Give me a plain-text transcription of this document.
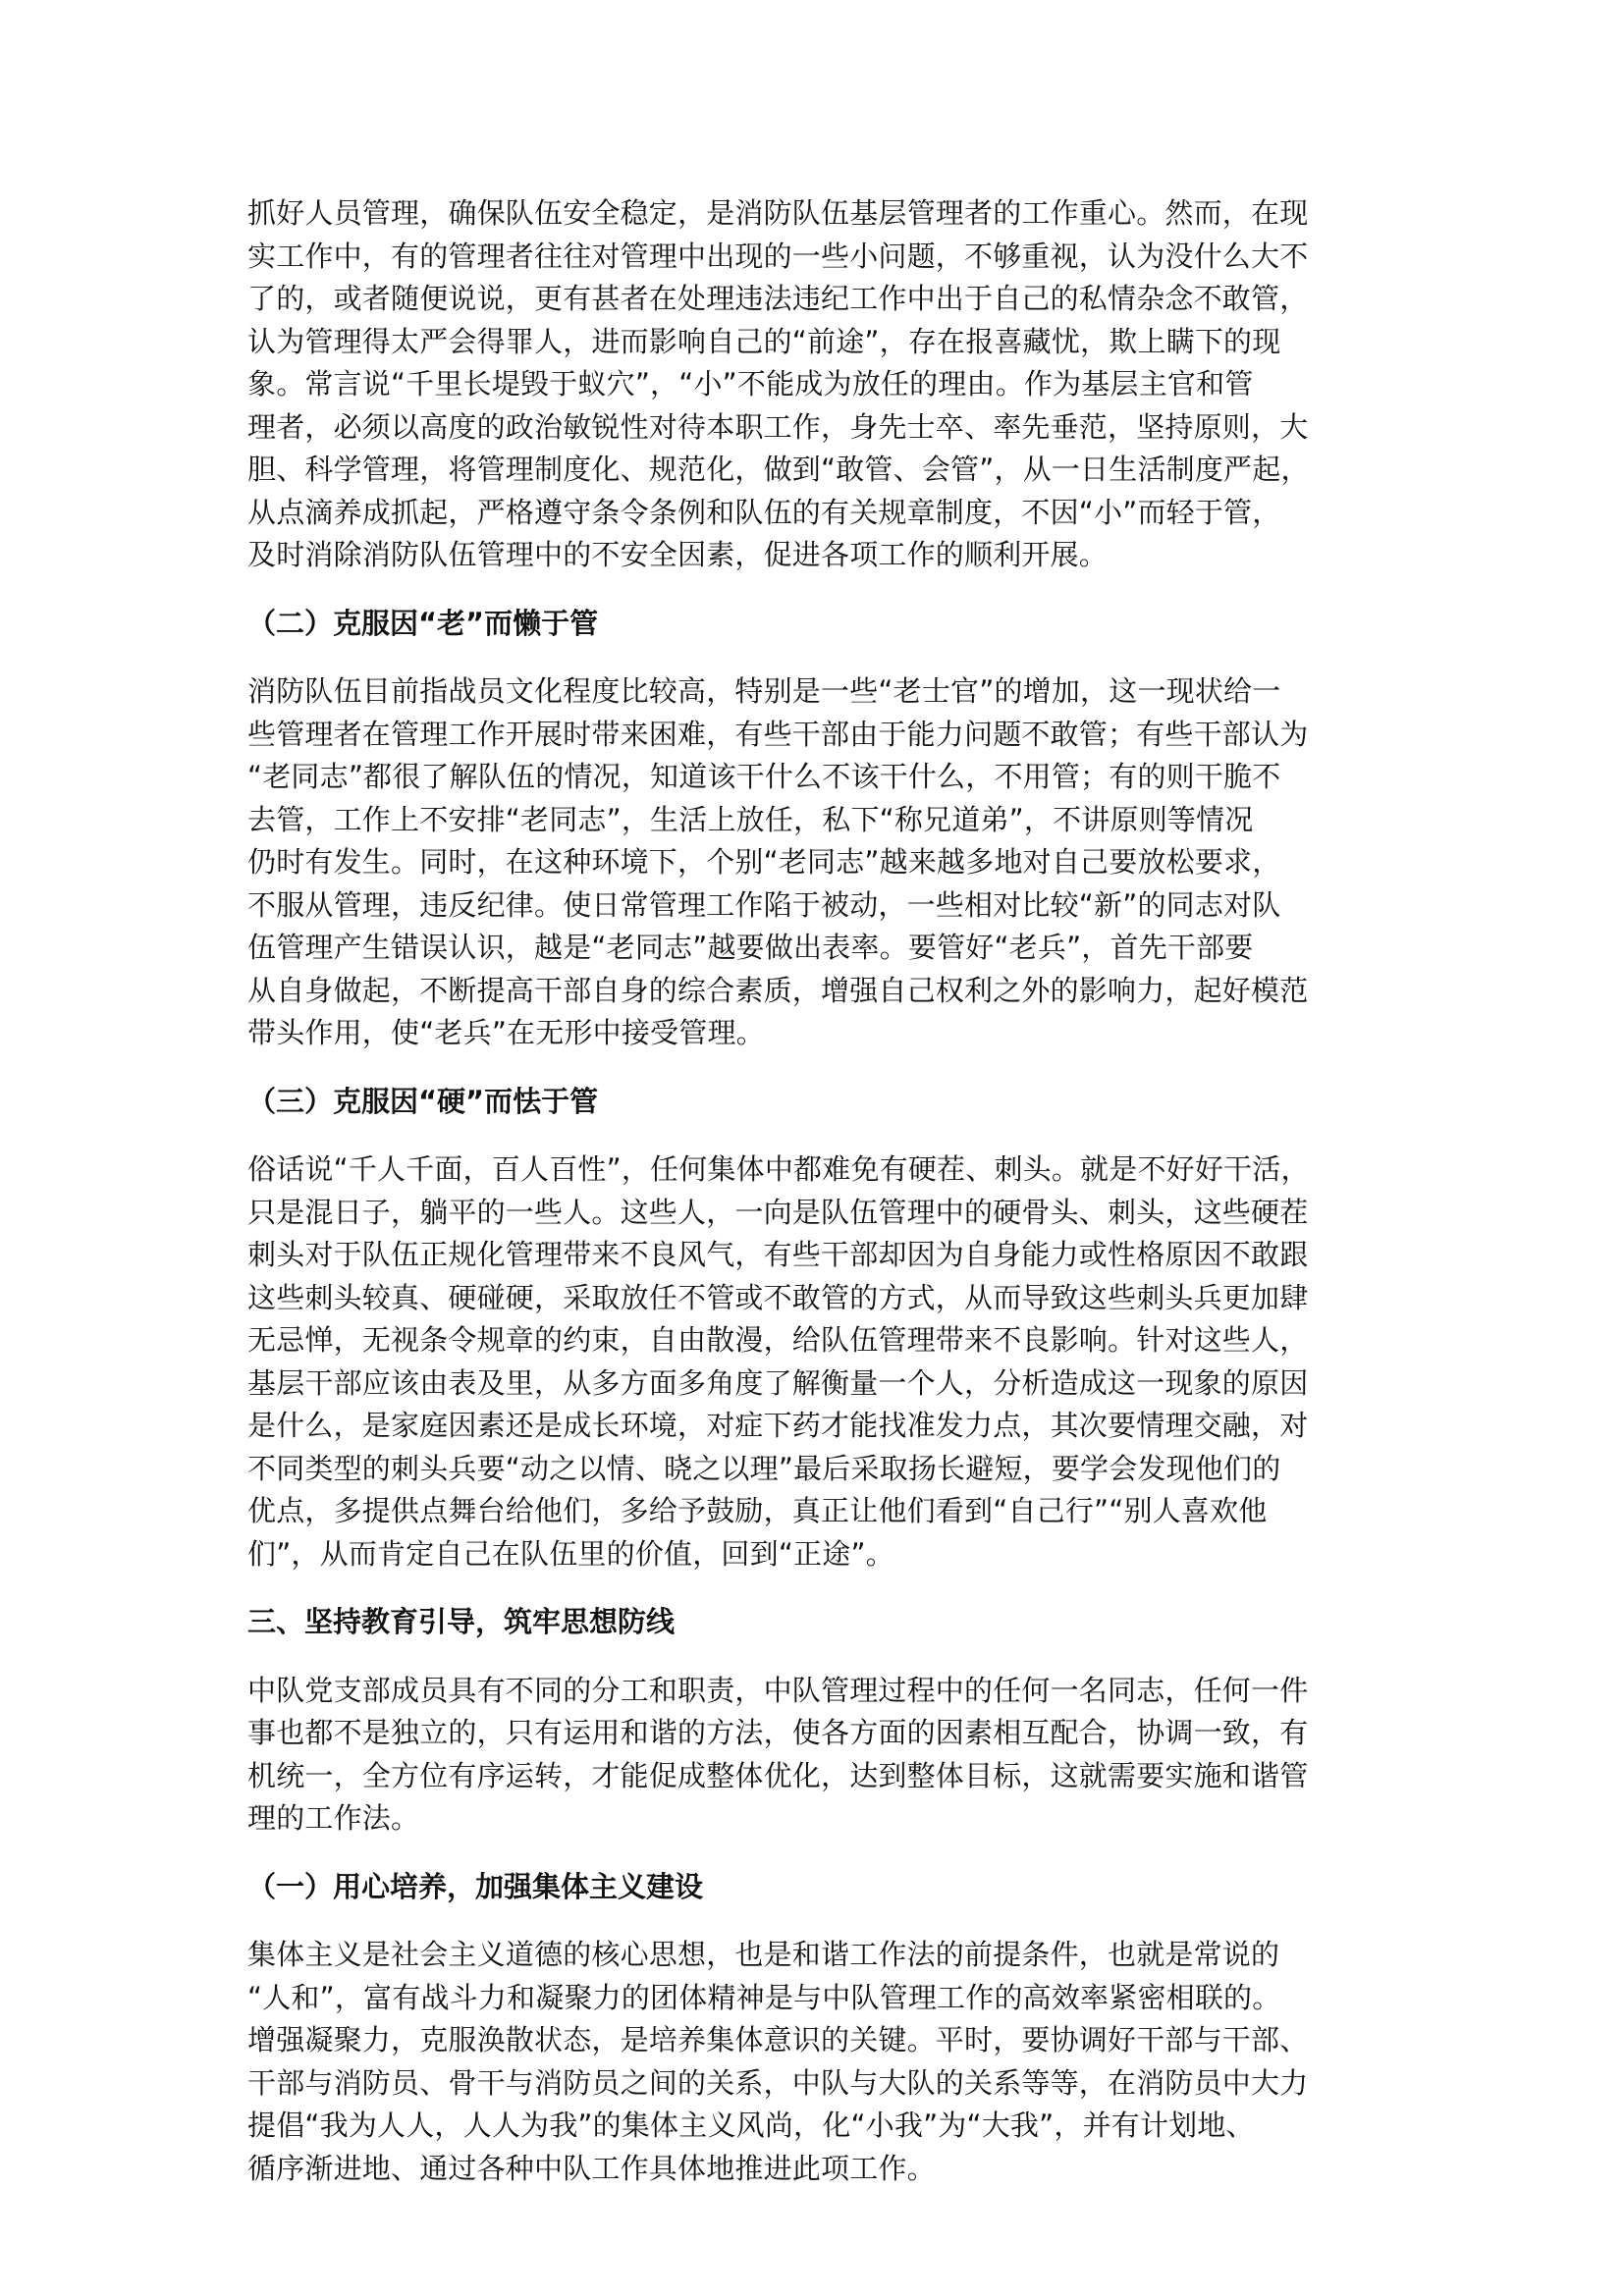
抓好人员管理，确保队伍安全稳定，是消防队伍基层管理者的工作重心。然而，在现
实工作中，有的管理者往往对管理中出现的一些小问题，不够重视，认为没什么大不
了的，或者随便说说，更有甚者在处理违法违纪工作中出于自己的私情杂念不敢管，
认为管理得太严会得罪人，进而影响自己的“前途”，存在报喜藏忧，欺上瞒下的现
象。常言说“千里长堤毁于蚁穴”，“小”不能成为放任的理由。作为基层主官和管
理者，必须以高度的政治敏锐性对待本职工作，身先士卒、率先垂范，坚持原则，大
胆、科学管理，将管理制度化、规范化，做到“敢管、会管”，从一日生活制度严起，
从点滴养成抓起，严格遵守条令条例和队伍的有关规章制度，不因“小”而轻于管，
及时消除消防队伍管理中的不安全因素，促进各项工作的顺利开展。
（二）克服因“老”而懒于管
消防队伍目前指战员文化程度比较高，特别是一些“老士官”的增加，这一现状给一
些管理者在管理工作开展时带来困难，有些干部由于能力问题不敢管；有些干部认为
“老同志”都很了解队伍的情况，知道该干什么不该干什么，不用管；有的则干脆不
去管，工作上不安排“老同志”，生活上放任，私下“称兄道弟”，不讲原则等情况
仍时有发生。同时，在这种环境下，个别“老同志”越来越多地对自己要放松要求，
不服从管理，违反纪律。使日常管理工作陷于被动，一些相对比较“新”的同志对队
伍管理产生错误认识，越是“老同志”越要做出表率。要管好“老兵”，首先干部要
从自身做起，不断提高干部自身的综合素质，增强自己权利之外的影响力，起好模范
带头作用，使“老兵”在无形中接受管理。
（三）克服因“硬”而怯于管
俗话说“千人千面，百人百性”，任何集体中都难免有硬茬、刺头。就是不好好干活，
只是混日子，躺平的一些人。这些人，一向是队伍管理中的硬骨头、刺头，这些硬茬
刺头对于队伍正规化管理带来不良风气，有些干部却因为自身能力或性格原因不敢跟
这些刺头较真、硬碰硬，采取放任不管或不敢管的方式，从而导致这些刺头兵更加肆
无忌惮，无视条令规章的约束，自由散漫，给队伍管理带来不良影响。针对这些人，
基层干部应该由表及里，从多方面多角度了解衡量一个人，分析造成这一现象的原因
是什么，是家庭因素还是成长环境，对症下药才能找准发力点，其次要情理交融，对
不同类型的刺头兵要“动之以情、晓之以理”最后采取扬长避短，要学会发现他们的
优点，多提供点舞台给他们，多给予鼓励，真正让他们看到“自己行”“别人喜欢他
们”，从而肯定自己在队伍里的价值，回到“正途”。
三、坚持教育引导，筑牢思想防线
中队党支部成员具有不同的分工和职责，中队管理过程中的任何一名同志，任何一件
事也都不是独立的，只有运用和谐的方法，使各方面的因素相互配合，协调一致，有
机统一，全方位有序运转，才能促成整体优化，达到整体目标，这就需要实施和谐管
理的工作法。
（一）用心培养，加强集体主义建设
集体主义是社会主义道德的核心思想，也是和谐工作法的前提条件，也就是常说的
“人和”，富有战斗力和凝聚力的团体精神是与中队管理工作的高效率紧密相联的。
增强凝聚力，克服涣散状态，是培养集体意识的关键。平时，要协调好干部与干部、
干部与消防员、骨干与消防员之间的关系，中队与大队的关系等等，在消防员中大力
提倡“我为人人，人人为我”的集体主义风尚，化“小我”为“大我”，并有计划地、
循序渐进地、通过各种中队工作具体地推进此项工作。
